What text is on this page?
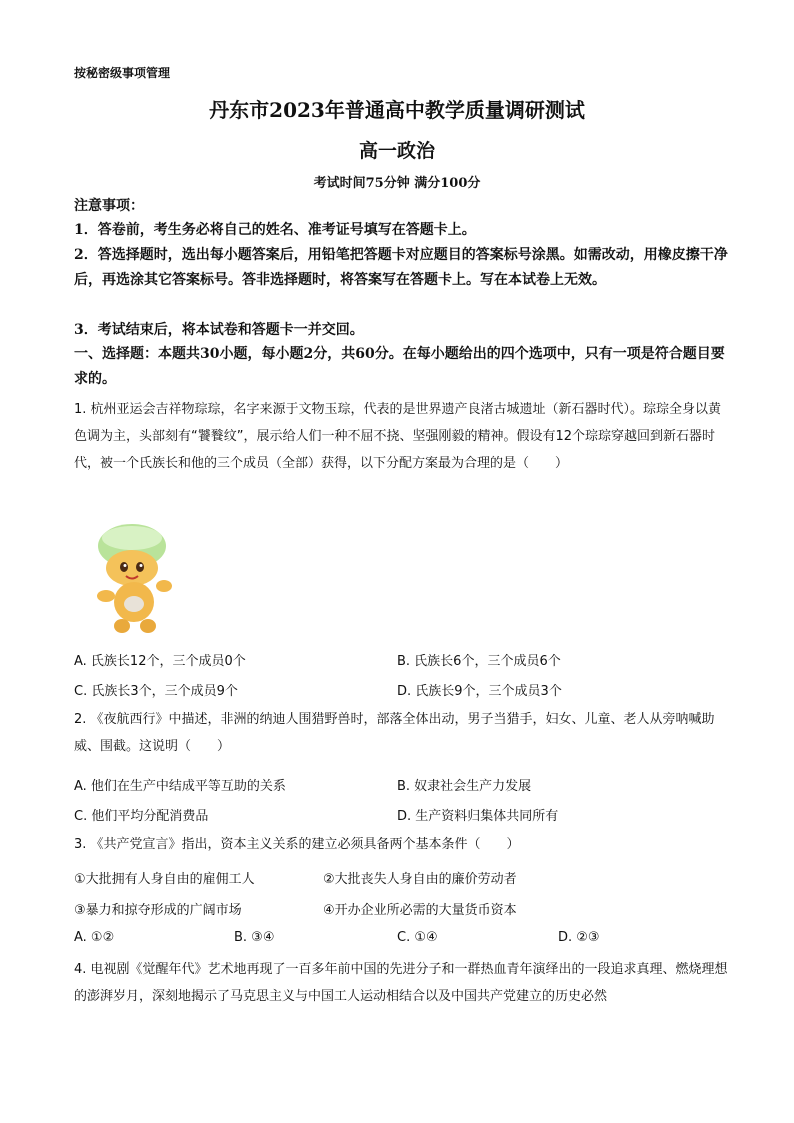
按秘密级事项管理
丹东市2023年普通高中教学质量调研测试
高一政治
考试时间75分钟 满分100分
注意事项：
1．答卷前，考生务必将自己的姓名、准考证号填写在答题卡上。
2．答选择题时，选出每小题答案后，用铅笔把答题卡对应题目的答案标号涂黑。如需改动，用橡皮擦干净后，再选涂其它答案标号。答非选择题时，将答案写在答题卡上。写在本试卷上无效。
3．考试结束后，将本试卷和答题卡一并交回。
一、选择题：本题共30小题，每小题2分，共60分。在每小题给出的四个选项中，只有一项是符合题目要求的。
1. 杭州亚运会吉祥物琮琮，名字来源于文物玉琮，代表的是世界遗产良渚古城遗址（新石器时代）。琮琮全身以黄色调为主，头部刻有“饕餮纹”，展示给人们一种不屈不挠、坚强刚毅的精神。假设有12个琮琮穿越回到新石器时代，被一个氏族长和他的三个成员（全部）获得，以下分配方案最为合理的是（　　）
A. 氏族长12个，三个成员0个	B. 氏族长6个，三个成员6个
C. 氏族长3个，三个成员9个	D. 氏族长9个，三个成员3个
2. 《夜航西行》中描述，非洲的纳迪人围猎野兽时，部落全体出动，男子当猎手，妇女、儿童、老人从旁呐喊助威、围截。这说明（　　）
A. 他们在生产中结成平等互助的关系	B. 奴隶社会生产力发展
C. 他们平均分配消费品	D. 生产资料归集体共同所有
3. 《共产党宣言》指出，资本主义关系的建立必须具备两个基本条件（　　）
①大批拥有人身自由的雇佣工人	②大批丧失人身自由的廉价劳动者
③暴力和掠夺形成的广阔市场	④开办企业所必需的大量货币资本
A. ①②	B. ③④	C. ①④	D. ②③
4. 电视剧《觉醒年代》艺术地再现了一百多年前中国的先进分子和一群热血青年演绎出的一段追求真理、燃烧理想的澎湃岁月，深刻地揭示了马克思主义与中国工人运动相结合以及中国共产党建立的历史必然
